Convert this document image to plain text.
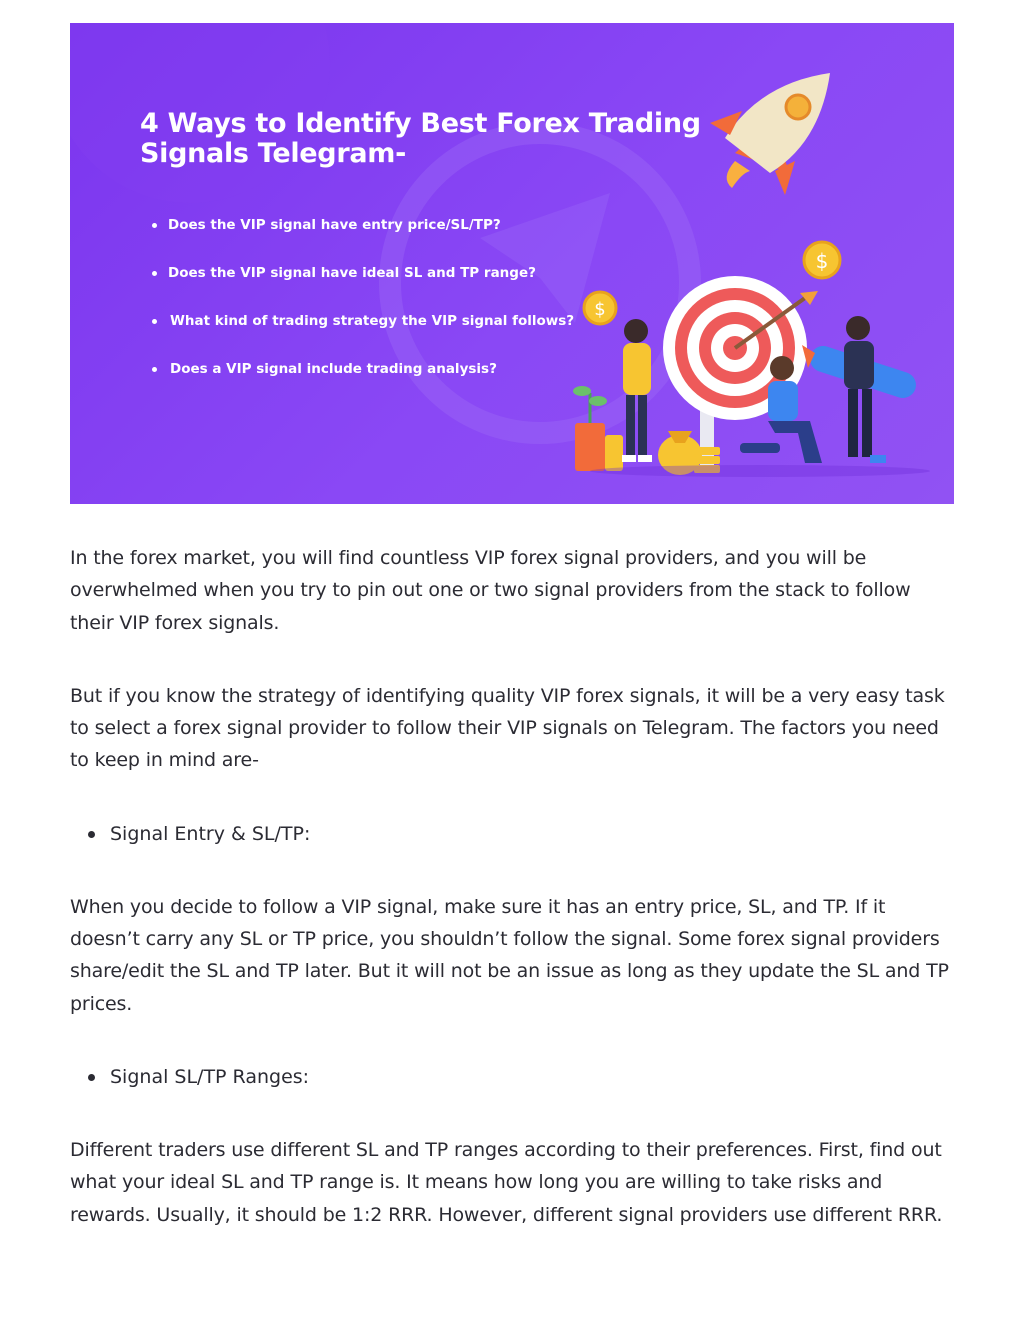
$
$
4 Ways to Identify Best Forex Trading
Signals Telegram-
Does the VIP signal have entry price/SL/TP?
Does the VIP signal have ideal SL and TP range?
What kind of trading strategy the VIP signal follows?
Does a VIP signal include trading analysis?

In the forex market, you will find countless VIP forex signal providers, and you will be overwhelmed when you try to pin out one or two signal providers from the stack to follow their VIP forex signals.

But if you know the strategy of identifying quality VIP forex signals, it will be a very easy task to select a forex signal provider to follow their VIP signals on Telegram. The factors you need to keep in mind are-

Signal Entry & SL/TP:

When you decide to follow a VIP signal, make sure it has an entry price, SL, and TP. If it doesn’t carry any SL or TP price, you shouldn’t follow the signal. Some forex signal providers share/edit the SL and TP later. But it will not be an issue as long as they update the SL and TP prices.

Signal SL/TP Ranges:

Different traders use different SL and TP ranges according to their preferences. First, find out what your ideal SL and TP range is. It means how long you are willing to take risks and rewards. Usually, it should be 1:2 RRR. However, different signal providers use different RRR.
